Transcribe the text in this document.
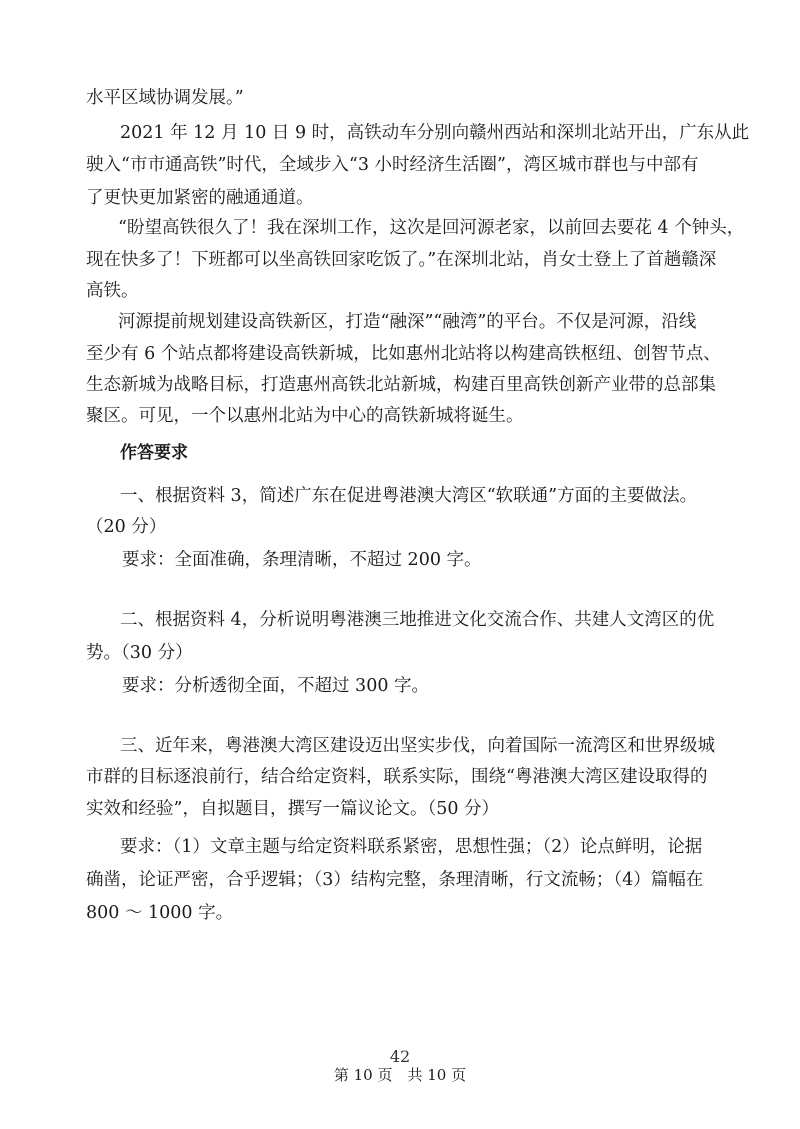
水平区域协调发展。”
2021 年 12 月 10 日 9 时，高铁动车分别向赣州西站和深圳北站开出，广东从此
驶入“市市通高铁”时代，全域步入“3 小时经济生活圈”，湾区城市群也与中部有
了更快更加紧密的融通通道。
“盼望高铁很久了！我在深圳工作，这次是回河源老家，以前回去要花 4 个钟头，
现在快多了！下班都可以坐高铁回家吃饭了。”在深圳北站，肖女士登上了首趟赣深
高铁。
河源提前规划建设高铁新区，打造“融深”“融湾”的平台。不仅是河源，沿线
至少有 6 个站点都将建设高铁新城，比如惠州北站将以构建高铁枢纽、创智节点、
生态新城为战略目标，打造惠州高铁北站新城，构建百里高铁创新产业带的总部集
聚区。可见，一个以惠州北站为中心的高铁新城将诞生。
作答要求
一、根据资料 3，简述广东在促进粤港澳大湾区“软联通”方面的主要做法。
（20 分）
要求：全面准确，条理清晰，不超过 200 字。
二、根据资料 4，分析说明粤港澳三地推进文化交流合作、共建人文湾区的优
势。（30 分）
要求：分析透彻全面，不超过 300 字。
三、近年来，粤港澳大湾区建设迈出坚实步伐，向着国际一流湾区和世界级城
市群的目标逐浪前行，结合给定资料，联系实际，围绕“粤港澳大湾区建设取得的
实效和经验”，自拟题目，撰写一篇议论文。（50 分）
要求：（1）文章主题与给定资料联系紧密，思想性强；（2）论点鲜明，论据
确凿，论证严密，合乎逻辑；（3）结构完整，条理清晰，行文流畅；（4）篇幅在
800 ～ 1000 字。
42
第 10 页　共 10 页
